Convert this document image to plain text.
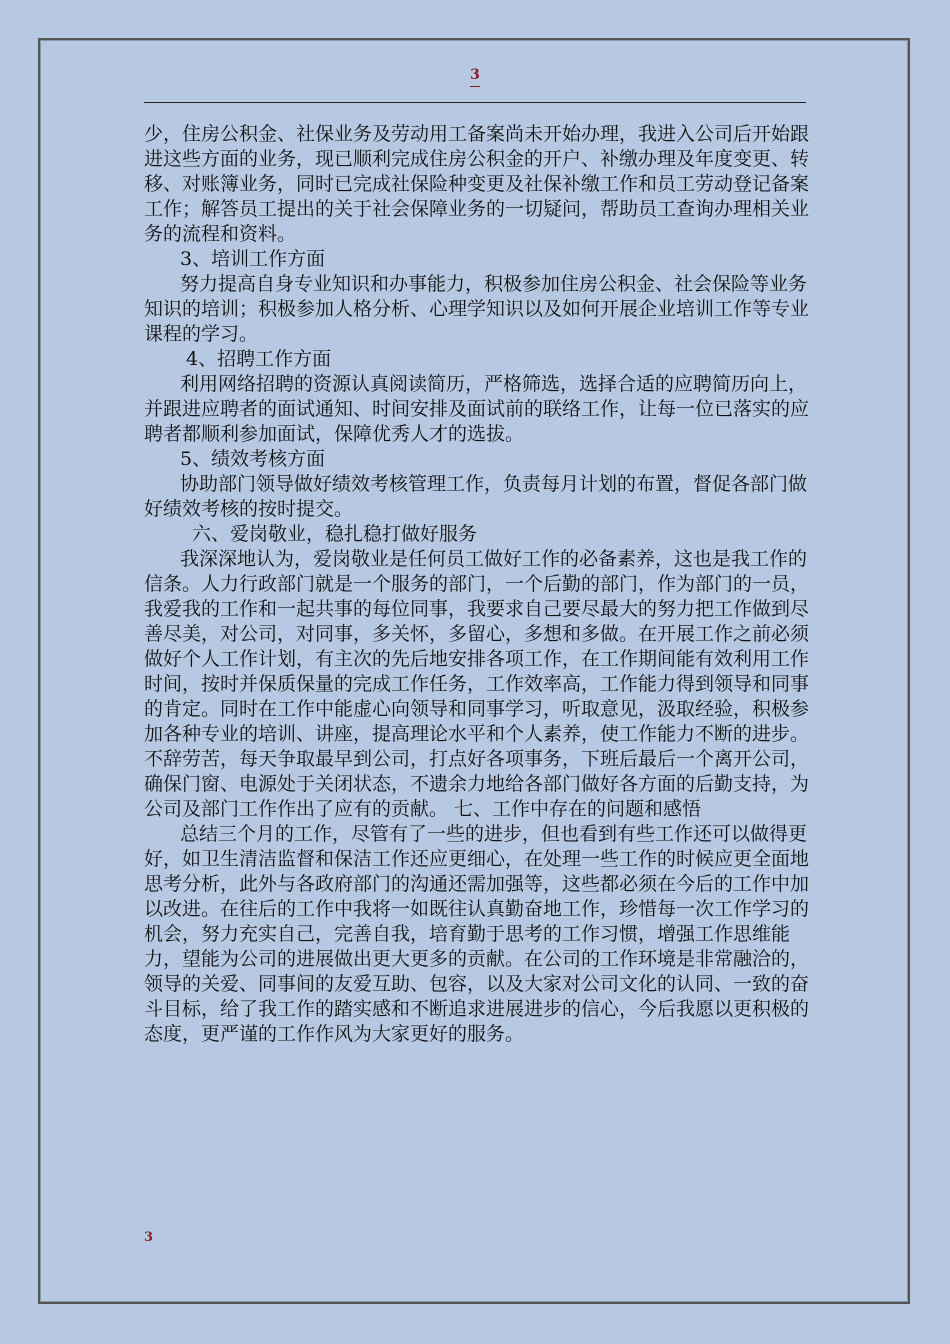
3

少，住房公积金、社保业务及劳动用工备案尚未开始办理，我进入公司后开始跟进这些方面的业务，现已顺利完成住房公积金的开户、补缴办理及年度变更、转移、对账簿业务，同时已完成社保险种变更及社保补缴工作和员工劳动登记备案工作；解答员工提出的关于社会保障业务的一切疑问，帮助员工查询办理相关业务的流程和资料。

3、培训工作方面

努力提高自身专业知识和办事能力，积极参加住房公积金、社会保险等业务知识的培训；积极参加人格分析、心理学知识以及如何开展企业培训工作等专业课程的学习。

4、招聘工作方面

利用网络招聘的资源认真阅读简历，严格筛选，选择合适的应聘简历向上，并跟进应聘者的面试通知、时间安排及面试前的联络工作，让每一位已落实的应聘者都顺利参加面试，保障优秀人才的选拔。

5、绩效考核方面

协助部门领导做好绩效考核管理工作，负责每月计划的布置，督促各部门做好绩效考核的按时提交。

六、爱岗敬业，稳扎稳打做好服务

我深深地认为，爱岗敬业是任何员工做好工作的必备素养，这也是我工作的信条。人力行政部门就是一个服务的部门，一个后勤的部门，作为部门的一员，我爱我的工作和一起共事的每位同事，我要求自己要尽最大的努力把工作做到尽善尽美，对公司，对同事，多关怀，多留心，多想和多做。在开展工作之前必须做好个人工作计划，有主次的先后地安排各项工作，在工作期间能有效利用工作时间，按时并保质保量的完成工作任务，工作效率高，工作能力得到领导和同事的肯定。同时在工作中能虚心向领导和同事学习，听取意见，汲取经验，积极参加各种专业的培训、讲座，提高理论水平和个人素养，使工作能力不断的进步。不辞劳苦，每天争取最早到公司，打点好各项事务，下班后最后一个离开公司，确保门窗、电源处于关闭状态，不遗余力地给各部门做好各方面的后勤支持，为公司及部门工作作出了应有的贡献。 七、工作中存在的问题和感悟

总结三个月的工作，尽管有了一些的进步，但也看到有些工作还可以做得更好，如卫生清洁监督和保洁工作还应更细心，在处理一些工作的时候应更全面地思考分析，此外与各政府部门的沟通还需加强等，这些都必须在今后的工作中加以改进。在往后的工作中我将一如既往认真勤奋地工作，珍惜每一次工作学习的机会，努力充实自己，完善自我，培育勤于思考的工作习惯，增强工作思维能力，望能为公司的进展做出更大更多的贡献。在公司的工作环境是非常融洽的，领导的关爱、同事间的友爱互助、包容，以及大家对公司文化的认同、一致的奋斗目标，给了我工作的踏实感和不断追求进展进步的信心，今后我愿以更积极的态度，更严谨的工作作风为大家更好的服务。

3
